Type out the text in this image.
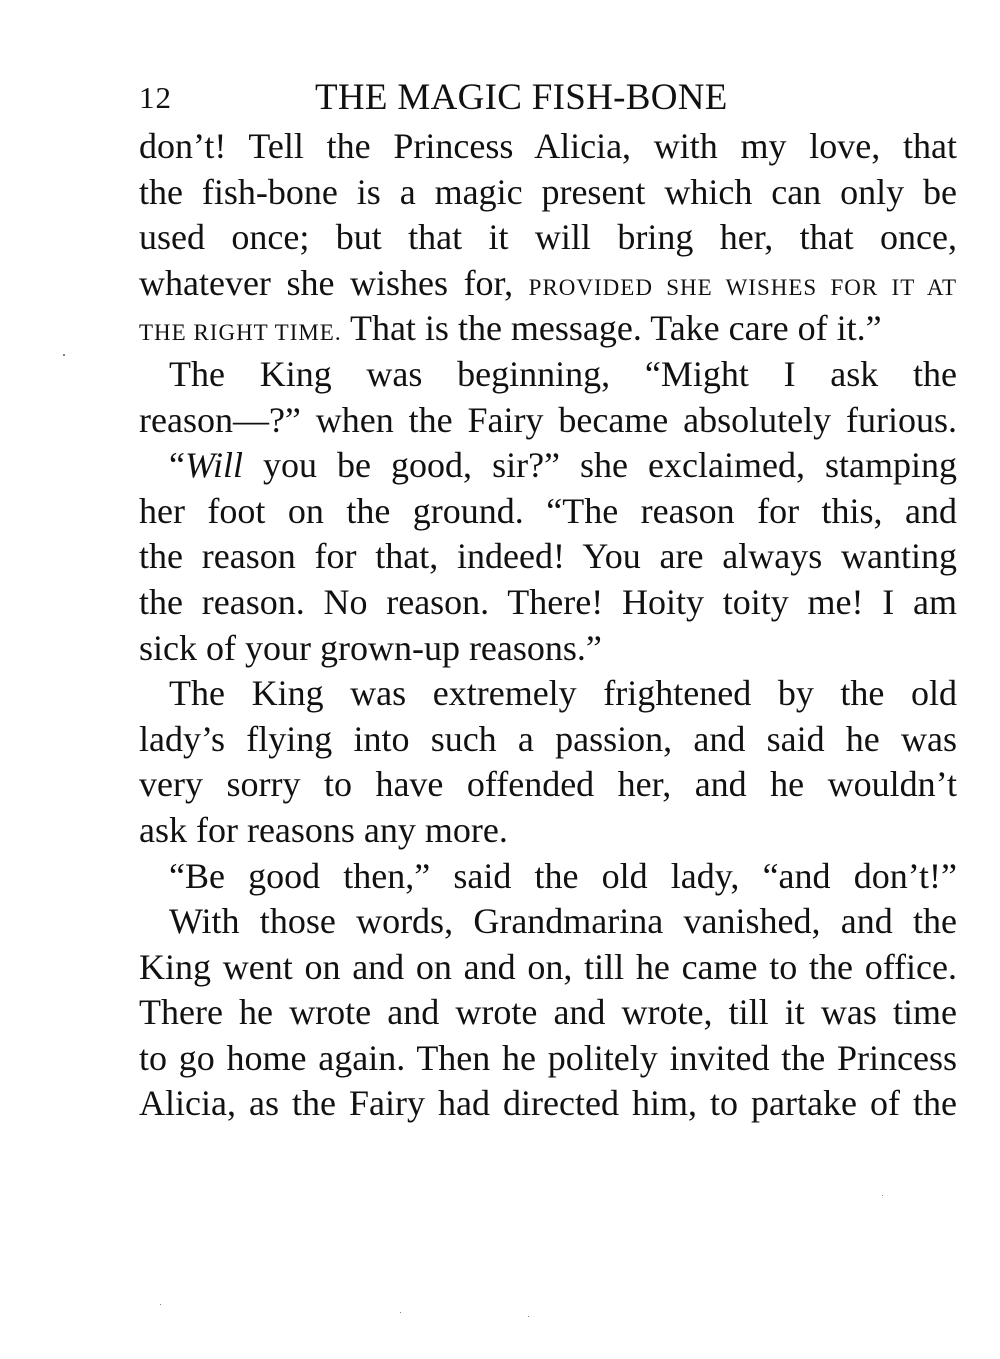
12	THE MAGIC FISH-BONE
don’t! Tell the Princess Alicia, with my love, that
the fish-bone is a magic present which can only be
used once; but that it will bring her, that once,
whatever she wishes for, PROVIDED SHE WISHES FOR IT AT
THE RIGHT TIME. That is the message. Take care of it.”
The King was beginning, “Might I ask the
reason—?” when the Fairy became absolutely furious.
“Will you be good, sir?” she exclaimed, stamping
her foot on the ground. “The reason for this, and
the reason for that, indeed! You are always wanting
the reason. No reason. There! Hoity toity me! I am
sick of your grown-up reasons.”
The King was extremely frightened by the old
lady’s flying into such a passion, and said he was
very sorry to have offended her, and he wouldn’t
ask for reasons any more.
“Be good then,” said the old lady, “and don’t!”
With those words, Grandmarina vanished, and the
King went on and on and on, till he came to the office.
There he wrote and wrote and wrote, till it was time
to go home again. Then he politely invited the Princess
Alicia, as the Fairy had directed him, to partake of the
